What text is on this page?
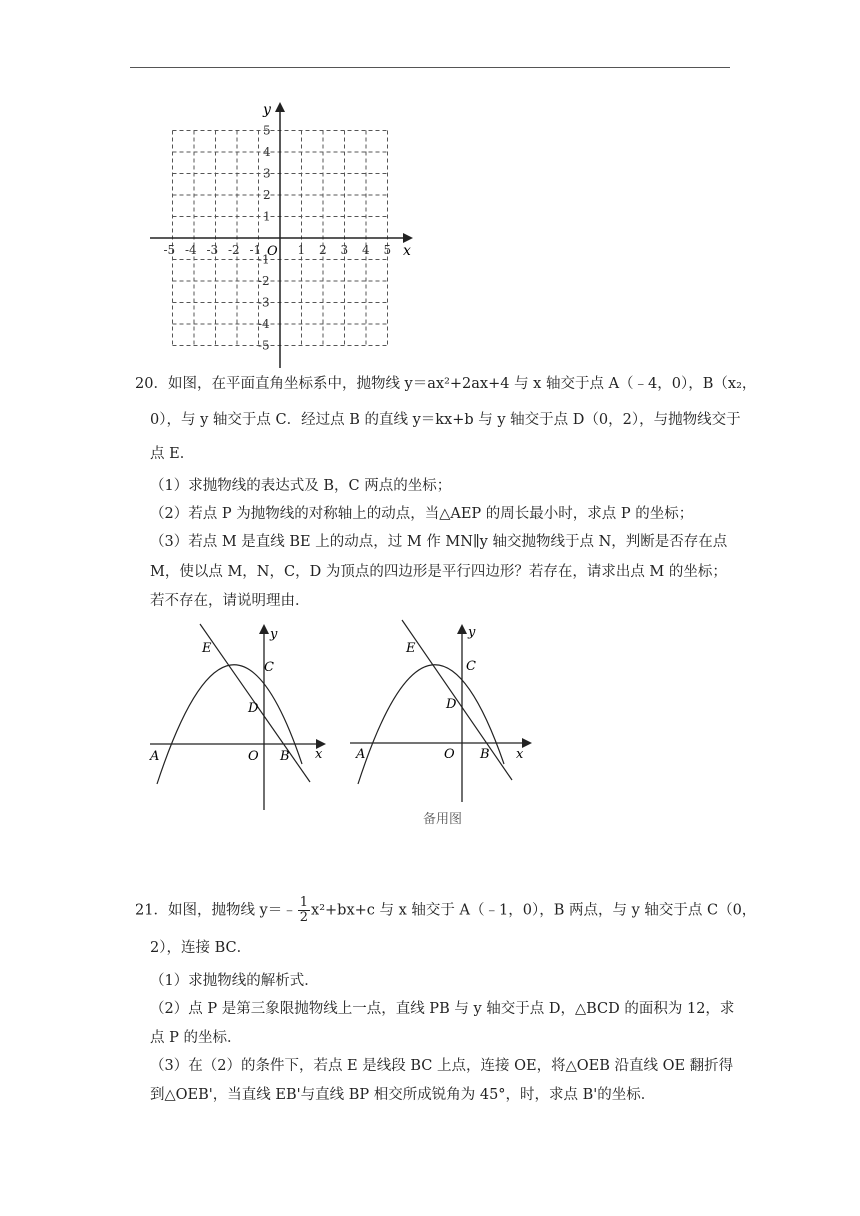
x
y
O
-5 -4 -3 -2 -1	1 2 3 4 5
5
4
3
2
1
-1
-2
-3
-4
-5
20．如图，在平面直角坐标系中，抛物线 y＝ax²+2ax+4 与 x 轴交于点 A（﹣4，0），B（x₂，
0），与 y 轴交于点 C．经过点 B 的直线 y＝kx+b 与 y 轴交于点 D（0，2），与抛物线交于
点 E．
（1）求抛物线的表达式及 B，C 两点的坐标；
（2）若点 P 为抛物线的对称轴上的动点，当△AEP 的周长最小时，求点 P 的坐标；
（3）若点 M 是直线 BE 上的动点，过 M 作 MN∥y 轴交抛物线于点 N，判断是否存在点
M，使以点 M，N，C，D 为顶点的四边形是平行四边形？若存在，请求出点 M 的坐标；
若不存在，请说明理由．
E
C
D
A	O B x
y
E
C
D
A	O B x
y
备用图
21．如图，抛物线 y＝﹣ $\frac{1}{2} x^2+bx+c$ 与 x 轴交于 A（﹣1，0），B 两点，与 y 轴交于点 C（0，
2），连接 BC．
（1）求抛物线的解析式．
（2）点 P 是第三象限抛物线上一点，直线 PB 与 y 轴交于点 D，△BCD 的面积为 12，求
点 P 的坐标．
（3）在（2）的条件下，若点 E 是线段 BC 上点，连接 OE，将△OEB 沿直线 OE 翻折得
到△OEB'，当直线 EB'与直线 BP 相交所成锐角为 45°，时，求点 B'的坐标．
